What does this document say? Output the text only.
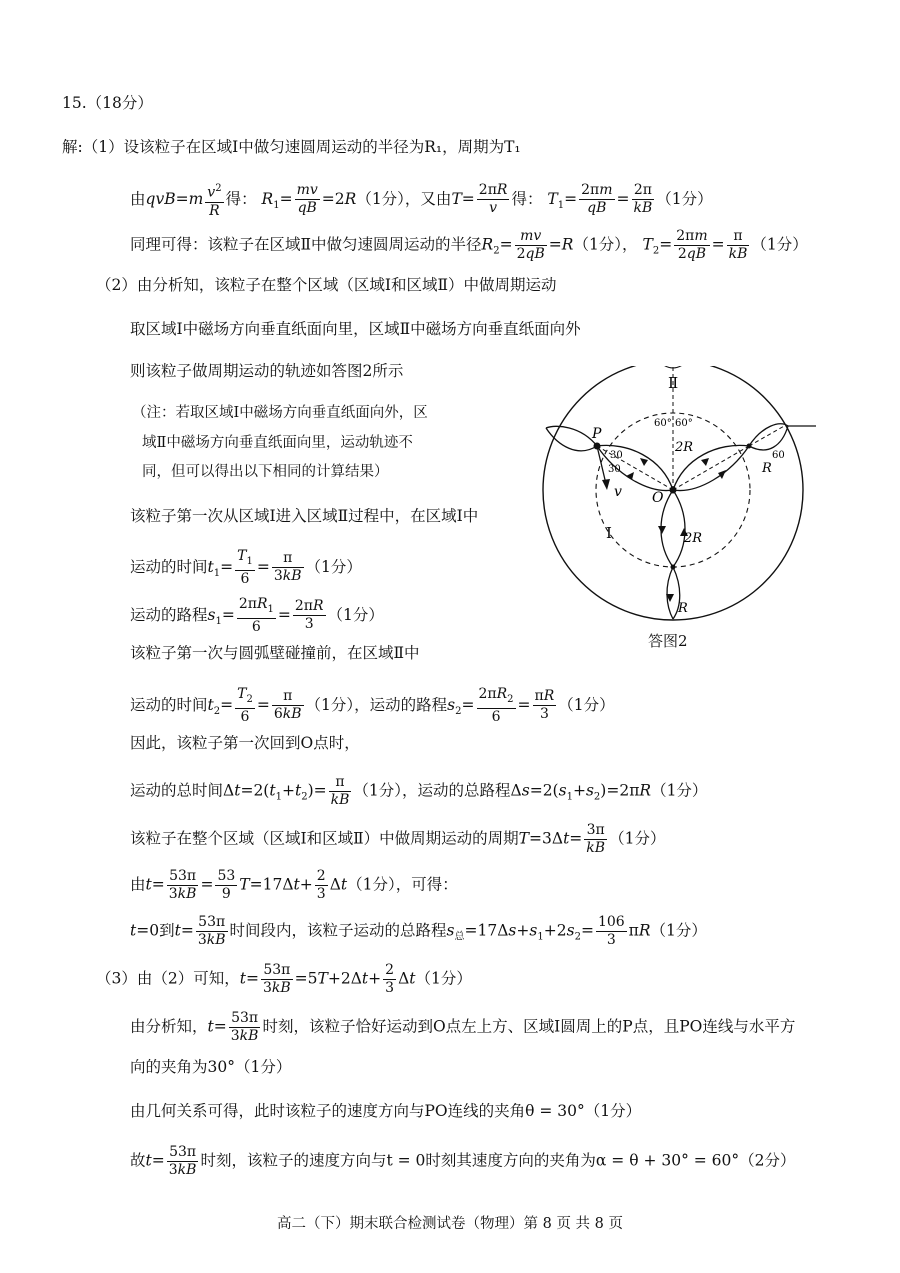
15.（18分）
解:（1）设该粒子在区域Ⅰ中做匀速圆周运动的半径为R₁，周期为T₁
由$qvB=m \frac{v^2}{R}$ 得： $R_1= \frac{mv}{qB} =2R(1$分），又由$T= \frac{2\pi R}{v}$ 得： $T_1= \frac{2\pi m}{qB} = \frac{2\pi}{kB} (1$分）
同理可得：该粒子在区域Ⅱ中做匀速圆周运动的半径$R_2= \frac{mv}{2qB} =R(1$分）， $T_2= \frac{2\pi m}{2qB} = \frac{\pi}{kB} (1$分）
（2）由分析知，该粒子在整个区域（区域Ⅰ和区域Ⅱ）中做周期运动
取区域Ⅰ中磁场方向垂直纸面向里，区域Ⅱ中磁场方向垂直纸面向外
则该粒子做周期运动的轨迹如答图2所示
（注：若取区域Ⅰ中磁场方向垂直纸面向外，区
域Ⅱ中磁场方向垂直纸面向里，运动轨迹不
同，但可以得出以下相同的计算结果）
该粒子第一次从区域Ⅰ进入区域Ⅱ过程中，在区域Ⅰ中
运动的时间$t_1= \frac{T_1}{6} = \frac{\pi}{3kB} (1$分）
运动的路程$s_1= \frac{2\pi R_1}{6} = \frac{2\pi R}{3} (1$分）
该粒子第一次与圆弧壁碰撞前，在区域Ⅱ中
运动的时间$t_2= \frac{T_2}{6} = \frac{\pi}{6kB} (1$分），运动的路程$s_2= \frac{2\pi R_2}{6} = \frac{\pi R}{3} (1$分）
因此，该粒子第一次回到O点时，
运动的总时间$\Delta t=2(t_1+t_2)= \frac{\pi}{kB} (1$分），运动的总路程$\Delta s=2(s_1+s_2)=2\pi R(1$分）
该粒子在整个区域（区域Ⅰ和区域Ⅱ）中做周期运动的周期$T=3\Delta t= \frac{3\pi}{kB} (1$分）
由$t= \frac{53\pi}{3kB} = \frac{53}{9} T=17\Delta t+ \frac{2}{3} \Delta t(1$分），可得：
t=0到$t= \frac{53\pi}{3kB}$ 时间段内，该粒子运动的总路程$s_总=17\Delta s+s_1+2s_2= \frac{106}{3} \pi R(1$分）
（3）由（2）可知，$t= \frac{53\pi}{3kB} =5T+2\Delta t+ \frac{2}{3} \Delta t(1$分）
由分析知，$t= \frac{53\pi}{3kB}$ 时刻，该粒子恰好运动到O点左上方、区域Ⅰ圆周上的P点，且PO连线与水平方
向的夹角为30°（1分）
由几何关系可得，此时该粒子的速度方向与PO连线的夹角θ = 30°（1分）
故$t= \frac{53\pi}{3kB}$ 时刻，该粒子的速度方向与t = 0时刻其速度方向的夹角为α = θ + 30° = 60°（2分）
Ⅱ
Ⅰ
P
O
v
2R
2R
R
R
60° 60°
30
30
60
答图2
高二（下）期末联合检测试卷（物理）第 8 页 共 8 页
